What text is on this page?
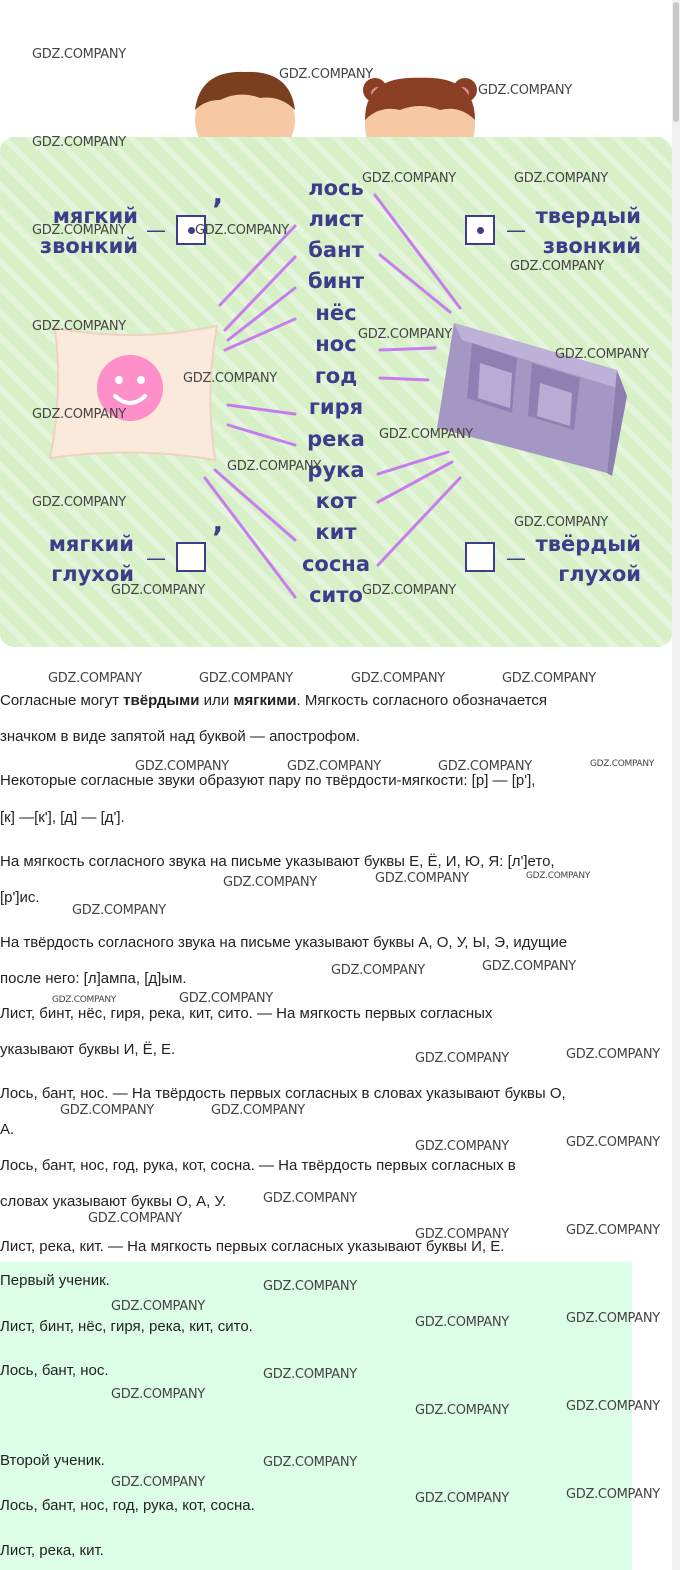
лось
лист
бант
бинт
нёс
нос
год
гиря
река
рука
кот
кит
сосна
сито
мягкий
звонкий
—
’
—
твердый
звонкий
мягкий
глухой
—
’
—
твёрдый
глухой
Согласные могут твёрдыми или мягкими. Мягкость согласного обозначается
значком в виде запятой над буквой — апострофом.
Некоторые согласные звуки образуют пару по твёрдости-мягкости: [р] — [р'],
[к] —[к'], [д] — [д'].
На мягкость согласного звука на письме указывают буквы Е, Ё, И, Ю, Я: [л']ето,
[р']ис.
На твёрдость согласного звука на письме указывают буквы А, О, У, Ы, Э, идущие
после него: [л]ампа, [д]ым.
Лист, бинт, нёс, гиря, река, кит, сито. — На мягкость первых согласных
указывают буквы И, Ё, Е.
Лось, бант, нос. — На твёрдость первых согласных в словах указывают буквы О,
А.
Лось, бант, нос, год, рука, кот, сосна. — На твёрдость первых согласных в
словах указывают буквы О, А, У.
Лист, река, кит. — На мягкость первых согласных указывают буквы И, Е.
Первый ученик.
Лист, бинт, нёс, гиря, река, кит, сито.
Лось, бант, нос.
Второй ученик.
Лось, бант, нос, год, рука, кот, сосна.
Лист, река, кит.
GDZ.COMPANY
GDZ.COMPANY
GDZ.COMPANY
GDZ.COMPANY
GDZ.COMPANY	GDZ.COMPANY
GDZ.COMPANY	GDZ.COMPANY
GDZ.COMPANY
GDZ.COMPANY
GDZ.COMPANY
GDZ.COMPANY
GDZ.COMPANY
GDZ.COMPANY
GDZ.COMPANY
GDZ.COMPANY
GDZ.COMPANY
GDZ.COMPANY
GDZ.COMPANY	GDZ.COMPANY
GDZ.COMPANY	GDZ.COMPANY	GDZ.COMPANY	GDZ.COMPANY
GDZ.COMPANY	GDZ.COMPANY	GDZ.COMPANY	GDZ.COMPANY
GDZ.COMPANY	GDZ.COMPANY	GDZ.COMPANY
GDZ.COMPANY
GDZ.COMPANY	GDZ.COMPANY
GDZ.COMPANY	GDZ.COMPANY
GDZ.COMPANY	GDZ.COMPANY
GDZ.COMPANY	GDZ.COMPANY
GDZ.COMPANY	GDZ.COMPANY
GDZ.COMPANY
GDZ.COMPANY
GDZ.COMPANY	GDZ.COMPANY
GDZ.COMPANY
GDZ.COMPANY
GDZ.COMPANY	GDZ.COMPANY
GDZ.COMPANY
GDZ.COMPANY
GDZ.COMPANY	GDZ.COMPANY
GDZ.COMPANY
GDZ.COMPANY
GDZ.COMPANY	GDZ.COMPANY
